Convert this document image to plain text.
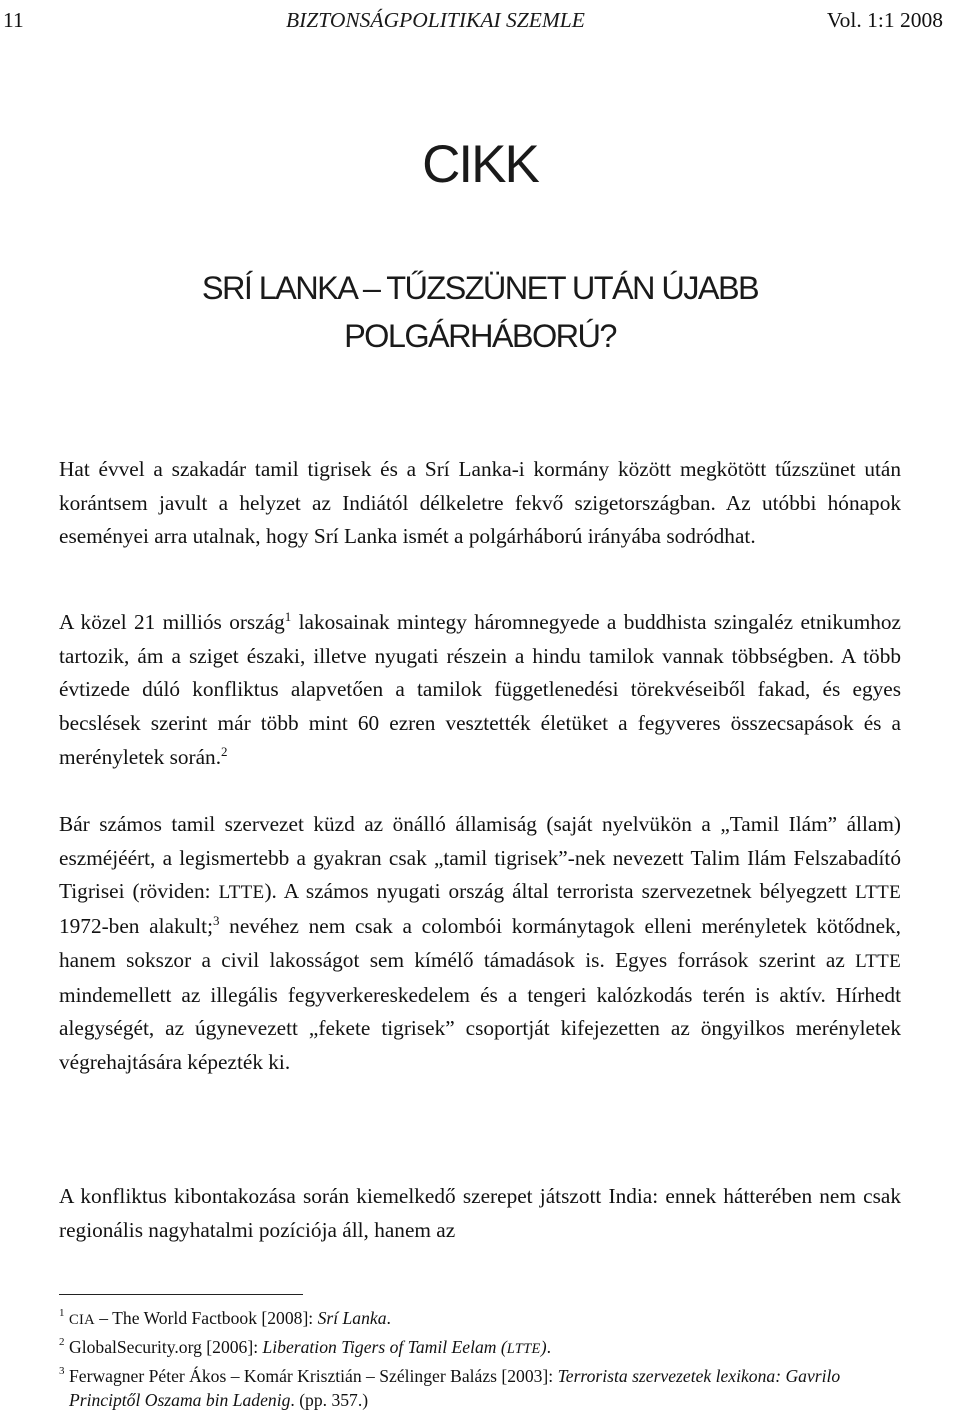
11	BIZTONSÁGPOLITIKAI SZEMLE	Vol. 1:1 2008
CIKK
SRÍ LANKA – TŰZSZÜNET UTÁN ÚJABB POLGÁRHÁBORÚ?

Hat évvel a szakadár tamil tigrisek és a Srí Lanka-i kormány között megkötött tűzszünet után korántsem javult a helyzet az Indiától délkeletre fekvő szigetországban. Az utóbbi hónapok eseményei arra utalnak, hogy Srí Lanka ismét a polgárháború irányába sodródhat.

A közel 21 milliós ország$^1$ lakosainak mintegy háromnegyede a buddhista szingaléz etnikumhoz tartozik, ám a sziget északi, illetve nyugati részein a hindu tamilok vannak többségben. A több évtizede dúló konfliktus alapvetően a tamilok függetlenedési törekvéseiből fakad, és egyes becslések szerint már több mint 60 ezren vesztették életüket a fegyveres összecsapások és a merényletek során.$^2$

Bár számos tamil szervezet küzd az önálló államiság (saját nyelvükön a „Tamil Ilám” állam) eszméjéért, a legismertebb a gyakran csak „tamil tigrisek”-nek nevezett Talim Ilám Felszabadító Tigrisei (röviden: LTTE). A számos nyugati ország által terrorista szervezetnek bélyegzett LTTE 1972-ben alakult;$^3$ nevéhez nem csak a colombói kormánytagok elleni merényletek kötődnek, hanem sokszor a civil lakosságot sem kímélő támadások is. Egyes források szerint az LTTE mindemellett az illegális fegyverkereskedelem és a tengeri kalózkodás terén is aktív. Hírhedt alegységét, az úgynevezett „fekete tigrisek” csoportját kifejezetten az öngyilkos merényletek végrehajtására képezték ki.

A konfliktus kibontakozása során kiemelkedő szerepet játszott India: ennek hátterében nem csak regionális nagyhatalmi pozíciója áll, hanem az

1 CIA – The World Factbook [2008]: Srí Lanka.
2 GlobalSecurity.org [2006]: Liberation Tigers of Tamil Eelam (LTTE).
3 Ferwagner Péter Ákos – Komár Krisztián – Szélinger Balázs [2003]: Terrorista szervezetek lexikona: Gavrilo Principtől Oszama bin Ladenig. (pp. 357.)
